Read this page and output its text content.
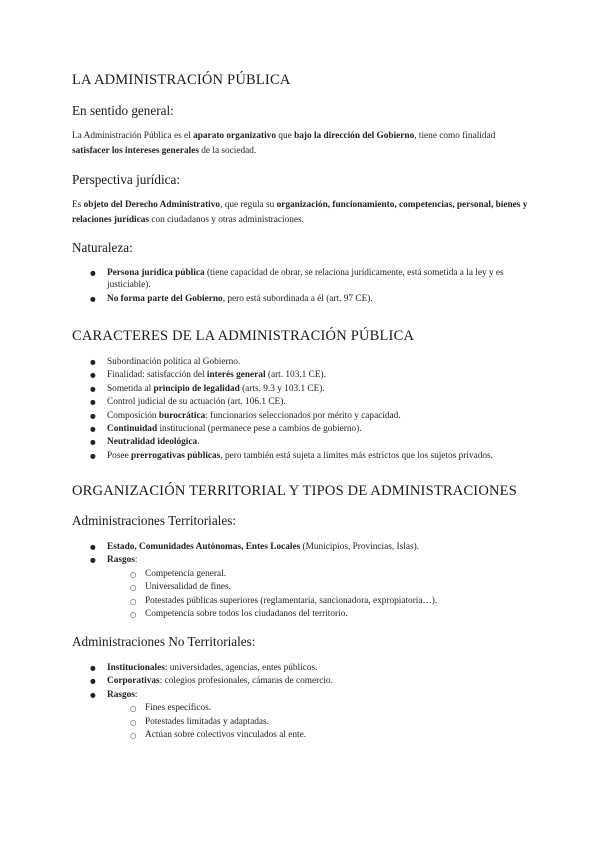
LA ADMINISTRACIÓN PÚBLICA
En sentido general:

La Administración Pública es el aparato organizativo que bajo la dirección del Gobierno, tiene como finalidad satisfacer los intereses generales de la sociedad.

Perspectiva jurídica:

Es objeto del Derecho Administrativo, que regula su organización, funcionamiento, competencias, personal, bienes y relaciones jurídicas con ciudadanos y otras administraciones.

Naturaleza:
● Persona jurídica pública (tiene capacidad de obrar, se relaciona jurídicamente, está sometida a la ley y es justiciable).
● No forma parte del Gobierno, pero está subordinada a él (art. 97 CE).
CARACTERES DE LA ADMINISTRACIÓN PÚBLICA
● Subordinación política al Gobierno.
● Finalidad: satisfacción del interés general (art. 103.1 CE).
● Sometida al principio de legalidad (arts. 9.3 y 103.1 CE).
● Control judicial de su actuación (art. 106.1 CE).
● Composición burocrática: funcionarios seleccionados por mérito y capacidad.
● Continuidad institucional (permanece pese a cambios de gobierno).
● Neutralidad ideológica.
● Posee prerrogativas públicas, pero también está sujeta a límites más estrictos que los sujetos privados.
ORGANIZACIÓN TERRITORIAL Y TIPOS DE ADMINISTRACIONES
Administraciones Territoriales:
● Estado, Comunidades Autónomas, Entes Locales (Municipios, Provincias, Islas).
● Rasgos:
○ Competencia general.
○ Universalidad de fines.
○ Potestades públicas superiores (reglamentaria, sancionadora, expropiatoria…).
○ Competencia sobre todos los ciudadanos del territorio.
Administraciones No Territoriales:
● Institucionales: universidades, agencias, entes públicos.
● Corporativas: colegios profesionales, cámaras de comercio.
● Rasgos:
○ Fines específicos.
○ Potestades limitadas y adaptadas.
○ Actúan sobre colectivos vinculados al ente.
